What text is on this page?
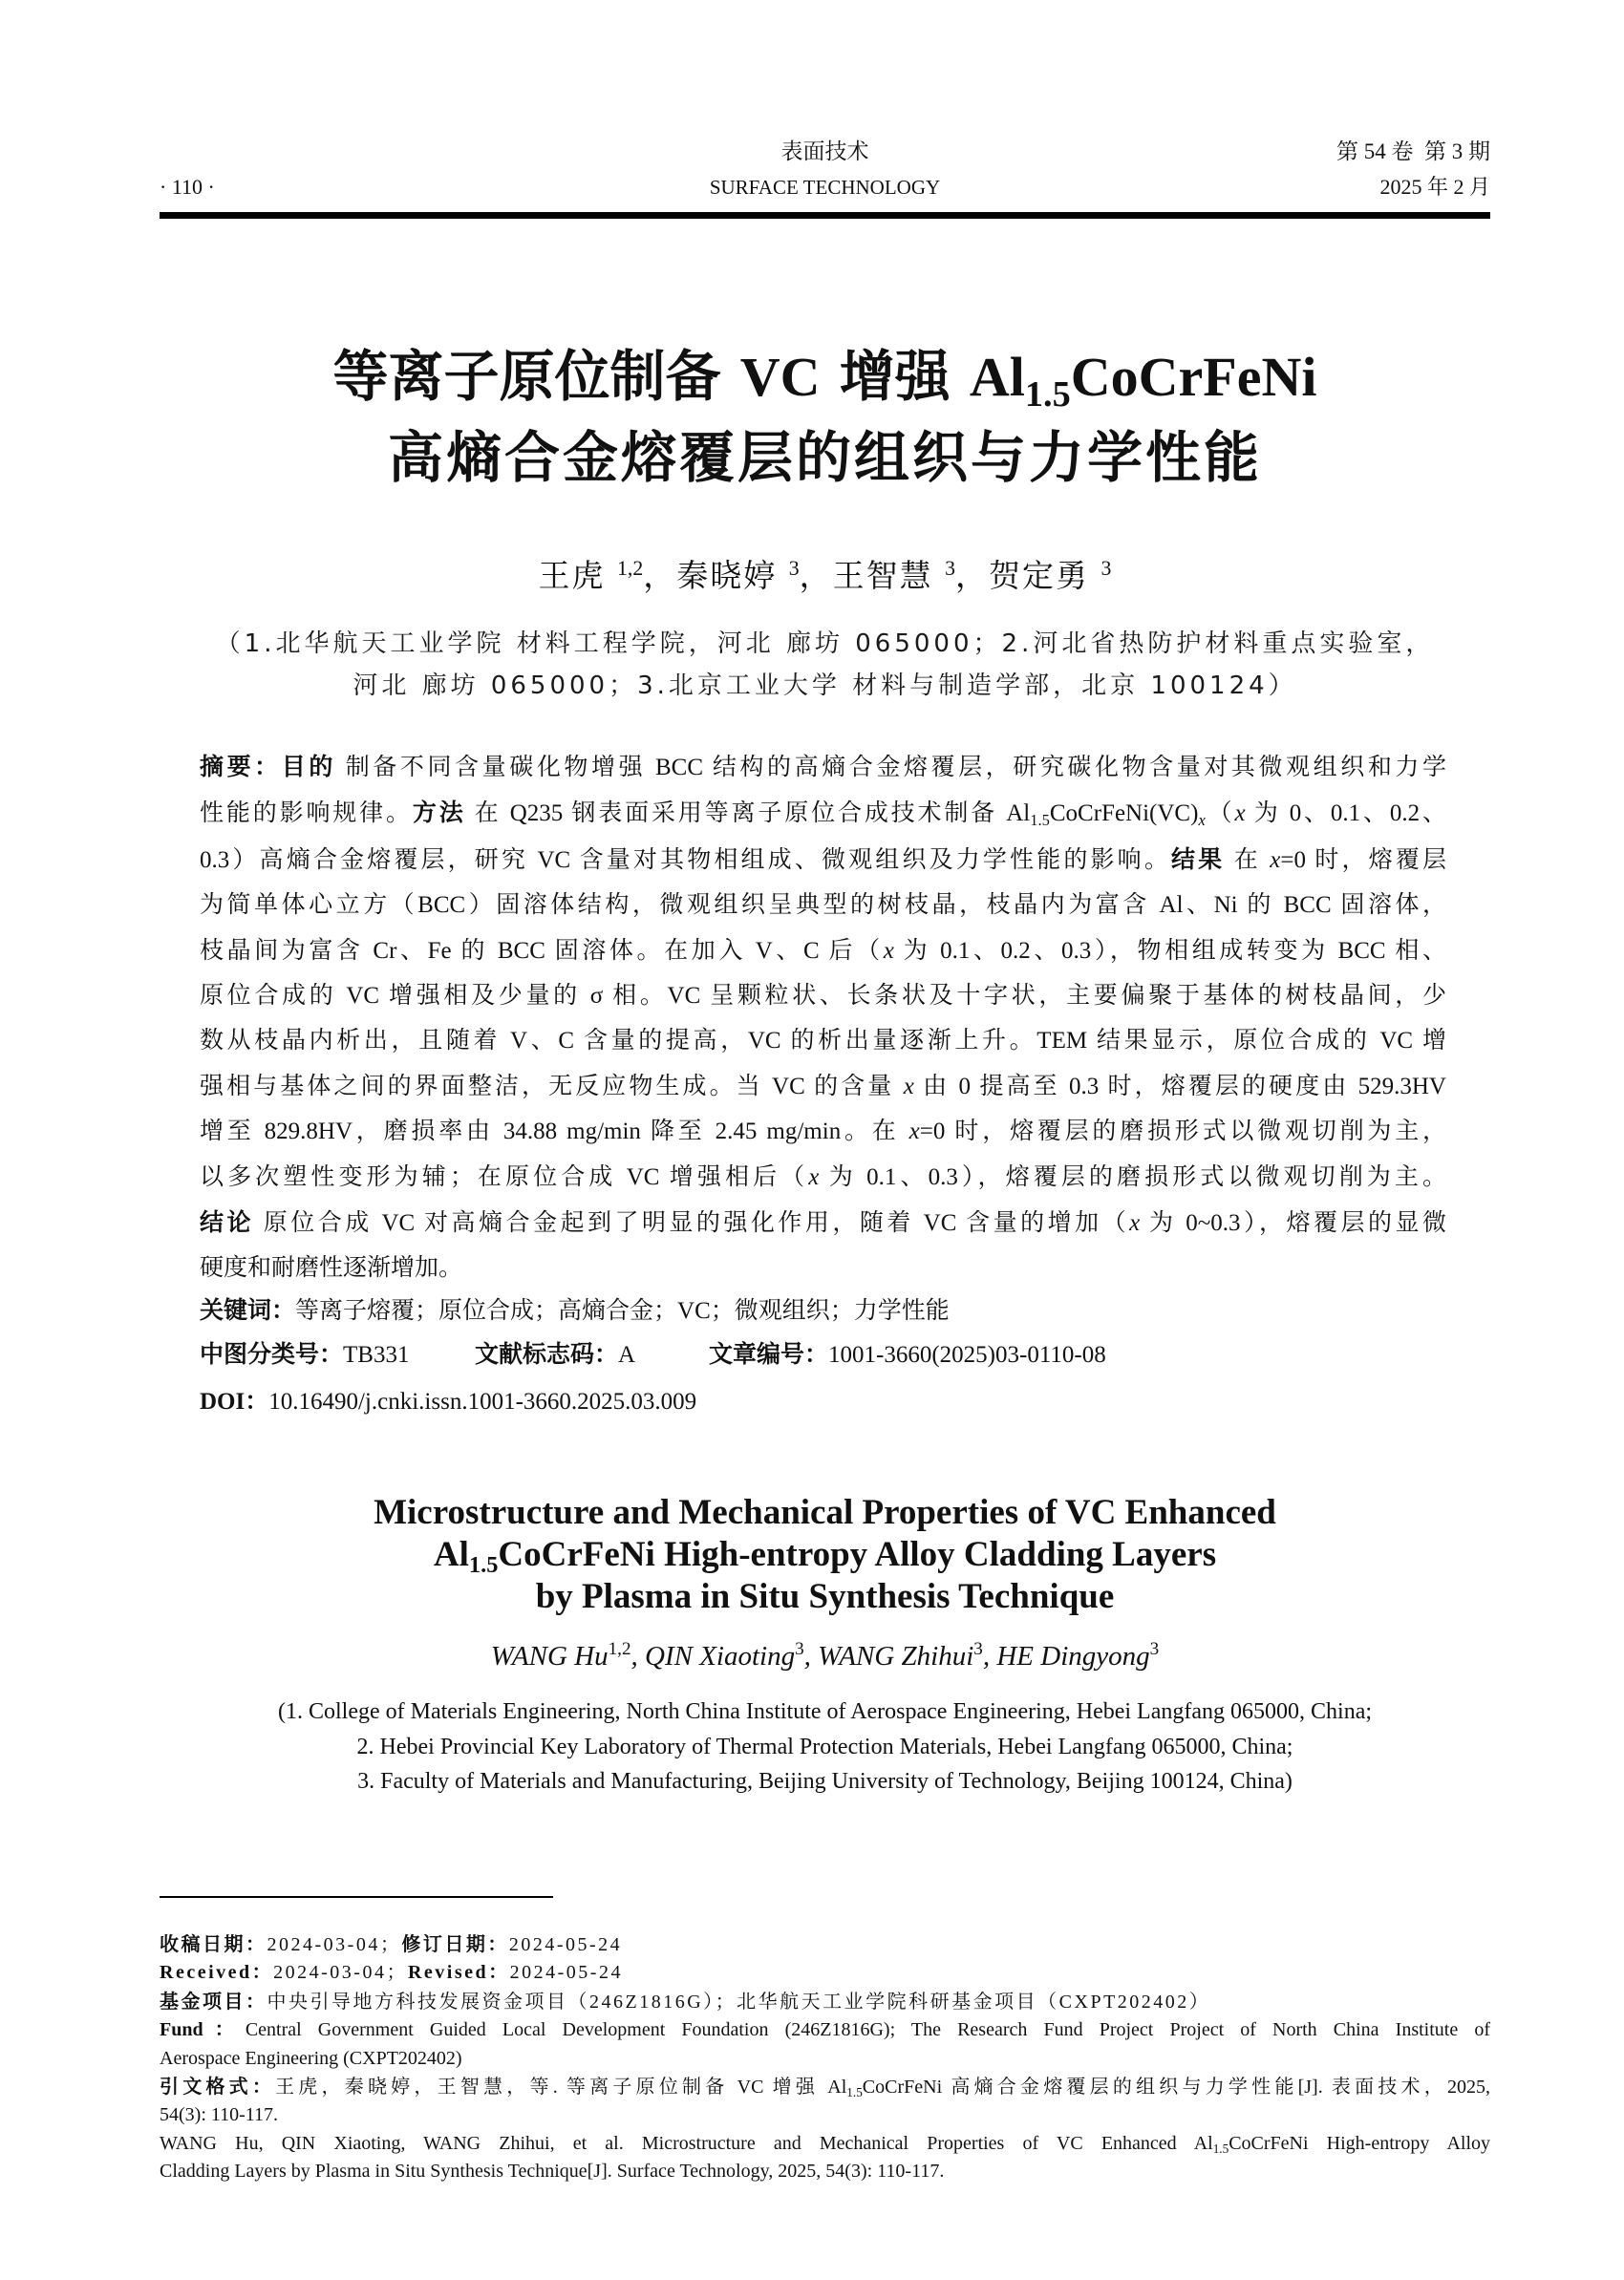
· 110 ·
表面技术
SURFACE TECHNOLOGY
第 54 卷  第 3 期
2025 年 2 月
等离子原位制备 VC 增强 $Al_{1.5}CoCrFeNi$
高熵合金熔覆层的组织与力学性能
王虎 $^{1,2}$，秦晓婷 $^3$，王智慧 $^3$，贺定勇 $^3$
（1.北华航天工业学院 材料工程学院，河北 廊坊 065000；2.河北省热防护材料重点实验室，
河北 廊坊 065000；3.北京工业大学 材料与制造学部，北京 100124）
摘要：目的 制备不同含量碳化物增强 BCC 结构的高熵合金熔覆层，研究碳化物含量对其微观组织和力学
性能的影响规律。方法 在 Q235 钢表面采用等离子原位合成技术制备 $Al_{1.5}CoCrFeNi(VC)_x(x$ 为 0、0.1、0.2、
0.3）高熵合金熔覆层，研究 VC 含量对其物相组成、微观组织及力学性能的影响。结果 在 x=0 时，熔覆层
为简单体心立方（BCC）固溶体结构，微观组织呈典型的树枝晶，枝晶内为富含 Al、Ni 的 BCC 固溶体，
枝晶间为富含 Cr、Fe 的 BCC 固溶体。在加入 V、C 后（x 为 0.1、0.2、0.3），物相组成转变为 BCC 相、
原位合成的 VC 增强相及少量的 σ 相。VC 呈颗粒状、长条状及十字状，主要偏聚于基体的树枝晶间，少
数从枝晶内析出，且随着 V、C 含量的提高，VC 的析出量逐渐上升。TEM 结果显示，原位合成的 VC 增
强相与基体之间的界面整洁，无反应物生成。当 VC 的含量 x 由 0 提高至 0.3 时，熔覆层的硬度由 529.3HV
增至 829.8HV，磨损率由 34.88 mg/min 降至 2.45 mg/min。在 x=0 时，熔覆层的磨损形式以微观切削为主，
以多次塑性变形为辅；在原位合成 VC 增强相后（x 为 0.1、0.3），熔覆层的磨损形式以微观切削为主。
结论 原位合成 VC 对高熵合金起到了明显的强化作用，随着 VC 含量的增加（x 为 0~0.3），熔覆层的显微
硬度和耐磨性逐渐增加。
关键词：等离子熔覆；原位合成；高熵合金；VC；微观组织；力学性能
中图分类号：TB331	文献标志码：A	文章编号：1001-3660(2025)03-0110-08
DOI：10.16490/j.cnki.issn.1001-3660.2025.03.009
Microstructure and Mechanical Properties of VC Enhanced
$Al_{1.5}CoCrFeNi$ High-entropy Alloy Cladding Layers
by Plasma in Situ Synthesis Technique
WANG Hu$^{1,2}$, QIN Xiaoting$^3$, WANG Zhihui$^3$, HE Dingyong$^3$
(1. College of Materials Engineering, North China Institute of Aerospace Engineering, Hebei Langfang 065000, China;
2. Hebei Provincial Key Laboratory of Thermal Protection Materials, Hebei Langfang 065000, China;
3. Faculty of Materials and Manufacturing, Beijing University of Technology, Beijing 100124, China)
收稿日期：2024-03-04；修订日期：2024-05-24
Received：2024-03-04；Revised：2024-05-24
基金项目：中央引导地方科技发展资金项目（246Z1816G）；北华航天工业学院科研基金项目（CXPT202402）
Fund：Central Government Guided Local Development Foundation (246Z1816G); The Research Fund Project Project of North China Institute of
Aerospace Engineering (CXPT202402)
引文格式：王虎，秦晓婷，王智慧，等. 等离子原位制备 VC 增强 $Al_{1.5}CoCrFeNi$ 高熵合金熔覆层的组织与力学性能[J]. 表面技术，2025,
54(3): 110-117.
WANG Hu, QIN Xiaoting, WANG Zhihui, et al. Microstructure and Mechanical Properties of VC Enhanced $Al_{1.5}CoCrFeNi$ High-entropy Alloy
Cladding Layers by Plasma in Situ Synthesis Technique[J]. Surface Technology, 2025, 54(3): 110-117.
